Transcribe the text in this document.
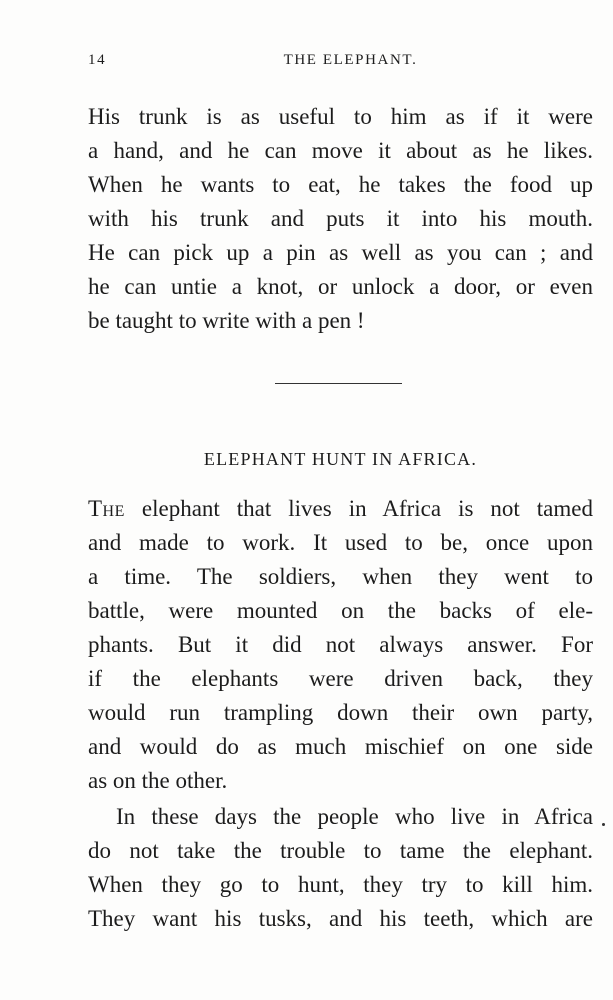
14	THE ELEPHANT.
His trunk is as useful to him as if it were
a hand, and he can move it about as he likes.
When he wants to eat, he takes the food up
with his trunk and puts it into his mouth.
He can pick up a pin as well as you can ; and
he can untie a knot, or unlock a door, or even
be taught to write with a pen !
ELEPHANT HUNT IN AFRICA.
The elephant that lives in Africa is not tamed
and made to work. It used to be, once upon
a time. The soldiers, when they went to
battle, were mounted on the backs of ele-
phants. But it did not always answer. For
if the elephants were driven back, they
would run trampling down their own party,
and would do as much mischief on one side
as on the other.
In these days the people who live in Africa
do not take the trouble to tame the elephant.
When they go to hunt, they try to kill him.
They want his tusks, and his teeth, which are
